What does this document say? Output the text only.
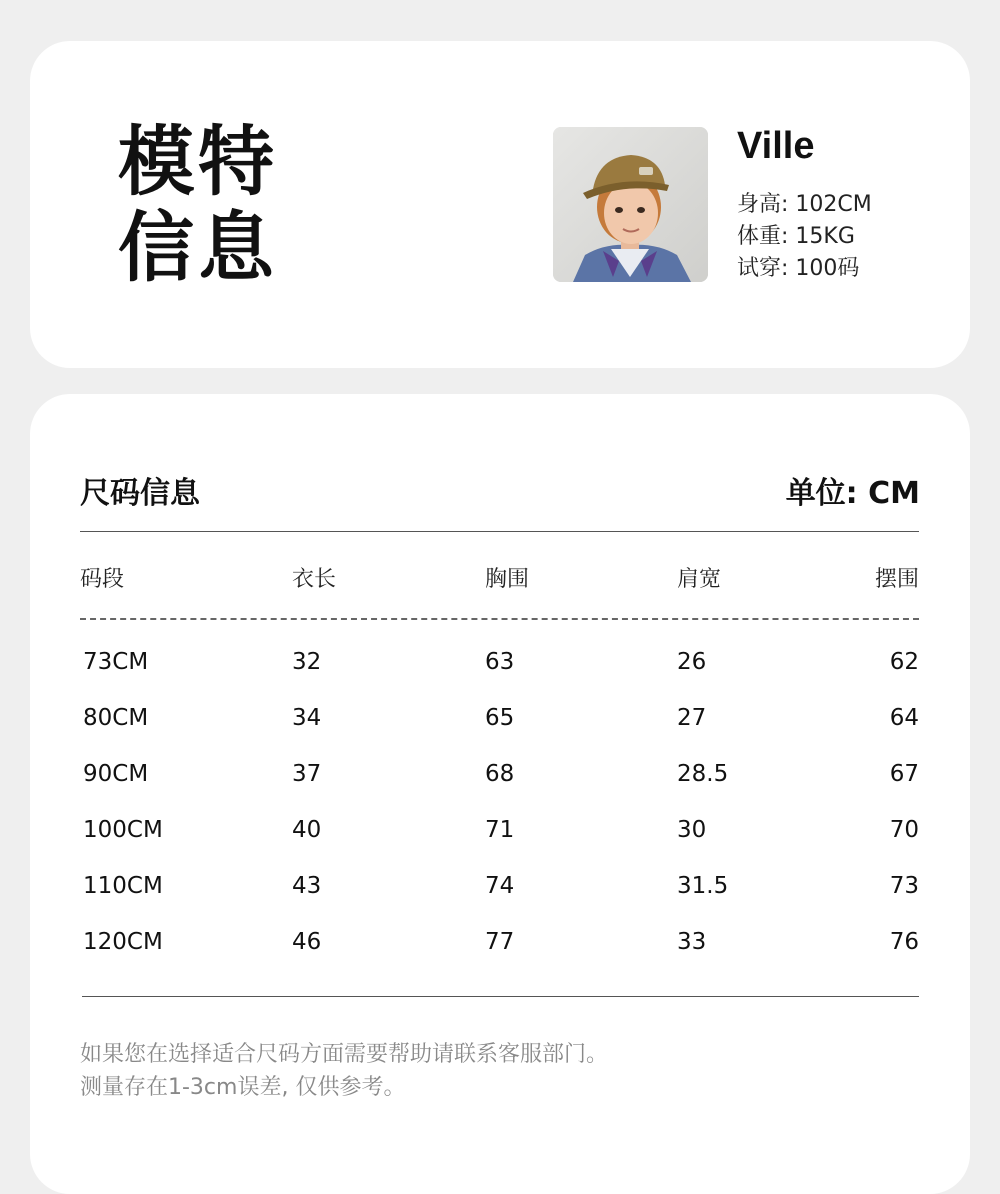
模特
信息
Ville
身高: 102CM
体重: 15KG
试穿: 100码
尺码信息	单位: CM
码段	衣长	胸围	肩宽	摆围
73CM	32	63	26	62
80CM	34	65	27	64
90CM	37	68	28.5	67
100CM	40	71	30	70
110CM	43	74	31.5	73
120CM	46	77	33	76
如果您在选择适合尺码方面需要帮助请联系客服部门。
测量存在1-3cm误差, 仅供参考。
